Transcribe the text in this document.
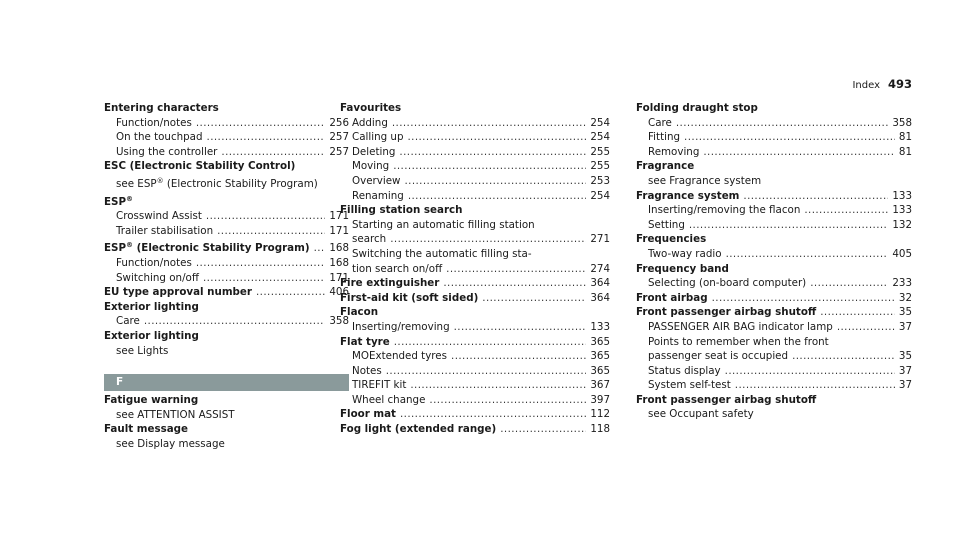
Index 493
Entering characters
Function/notes .....	256
On the touchpad .....	257
Using the controller .....	257
ESC (Electronic Stability Control)
see ESP® (Electronic Stability Program)
ESP®
Crosswind Assist .....	171
Trailer stabilisation .....	171
ESP® (Electronic Stability Program) ..... 168
Function/notes .....	168
Switching on/off .....	171
EU type approval number .....	406
Exterior lighting
Care .....	358
Exterior lighting
see Lights
F
Fatigue warning
see ATTENTION ASSIST
Fault message
see Display message
Favourites
Adding .....	254
Calling up .....	254
Deleting .....	255
Moving .....	255
Overview .....	253
Renaming .....	254
Filling station search
Starting an automatic filling station
search .....	271
Switching the automatic filling sta-
tion search on/off .....	274
Fire extinguisher .....	364
First-aid kit (soft sided) .....	364
Flacon
Inserting/removing .....	133
Flat tyre .....	365
MOExtended tyres .....	365
Notes .....	365
TIREFIT kit .....	367
Wheel change .....	397
Floor mat .....	112
Fog light (extended range) .....	118
Folding draught stop
Care .....	358
Fitting .....	81
Removing .....	81
Fragrance
see Fragrance system
Fragrance system .....	133
Inserting/removing the flacon .....	133
Setting .....	132
Frequencies
Two-way radio .....	405
Frequency band
Selecting (on-board computer) .....	233
Front airbag .....	32
Front passenger airbag shutoff .....	35
PASSENGER AIR BAG indicator lamp .....	37
Points to remember when the front
passenger seat is occupied .....	35
Status display .....	37
System self-test .....	37
Front passenger airbag shutoff
see Occupant safety
